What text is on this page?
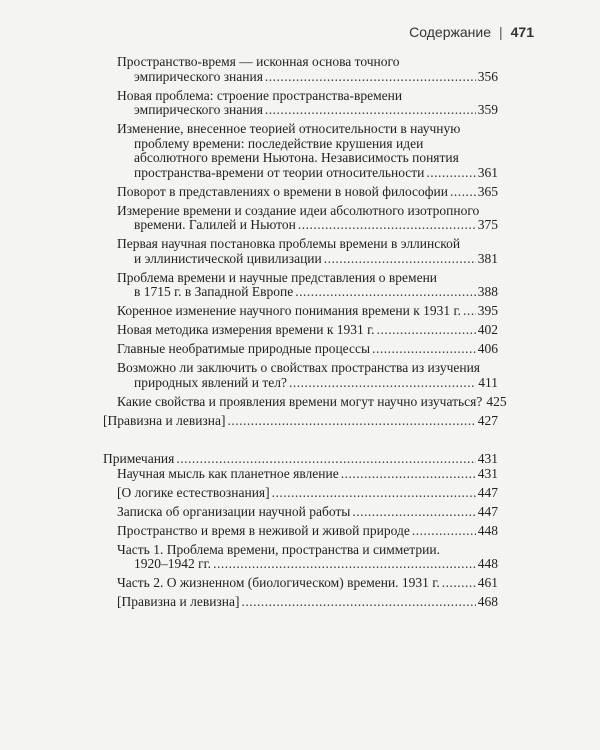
Содержание | 471
Пространство-время — исконная основа точного
эмпирического знания .....	356
Новая проблема: строение пространства-времени
эмпирического знания .....	359
Изменение, внесенное теорией относительности в научную
проблему времени: последействие крушения идеи
абсолютного времени Ньютона. Независимость понятия
пространства-времени от теории относительности .....	361
Поворот в представлениях о времени в новой философии ..... 365
Измерение времени и создание идеи абсолютного изотропного
времени. Галилей и Ньютон .....	375
Первая научная постановка проблемы времени в эллинской
и эллинистической цивилизации .....	381
Проблема времени и научные представления о времени
в 1715 г. в Западной Европе .....	388
Коренное изменение научного понимания времени к 1931 г. ..... 395
Новая методика измерения времени к 1931 г. .....	402
Главные необратимые природные процессы .....	406
Возможно ли заключить о свойствах пространства из изучения
природных явлений и тел? .....	411
Какие свойства и проявления времени могут научно изучаться? 425
[Правизна и левизна] .....	427
Примечания .....	431
Научная мысль как планетное явление .....	431
[О логике естествознания] .....	447
Записка об организации научной работы .....	447
Пространство и время в неживой и живой природе .....	448
Часть 1. Проблема времени, пространства и симметрии.
1920–1942 гг. .....	448
Часть 2. О жизненном (биологическом) времени. 1931 г. .....	461
[Правизна и левизна] .....	468
